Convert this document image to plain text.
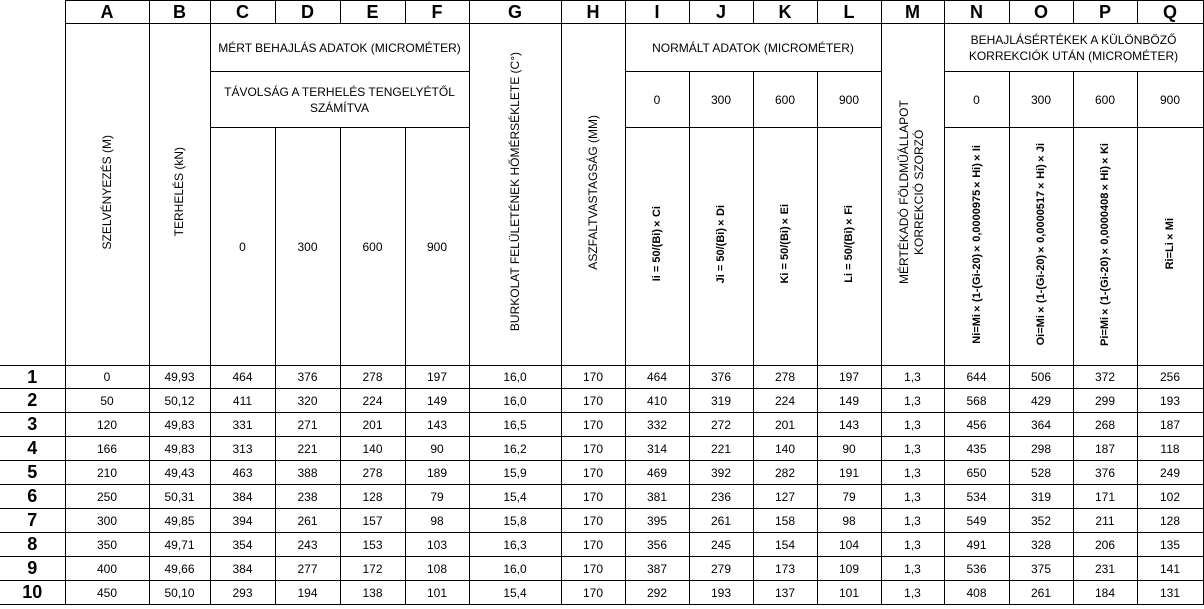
	A	B	C	D	E	F	G	H	I	J	K	L	M	N	O	P	Q
	SZELVÉNYEZÉS (M)	TERHELÉS (kN)	MÉRT BEHAJLÁS ADATOK (MICROMÉTER)				BURKOLAT FELÜLETÉNEK HŐMÉRSÉKLETE (C°)	ASZFALTVASTAGSÁG (MM)	NORMÁLT ADATOK (MICROMÉTER)				MÉRTÉKADÓ FÖLDMŰÁLLAPOT KORREKCIÓ SZORZÓ	BEHAJLÁSÉRTÉKEK A KÜLÖNBÖZŐ KORREKCIÓK UTÁN (MICROMÉTER)			
			TÁVOLSÁG A TERHELÉS TENGELYÉTŐL SZÁMÍTVA						0	300	600	900		0	300	600	900
			0	300	600	900											
									Ii = 50/(Bi)×Ci	Ji = 50/(Bi)×Di	Ki = 50/(Bi)×Ei	Li = 50/(Bi)×Fi		Ni=Mi×(1-(Gi-20)×0,0000975×Hi)×Ii	Oi=Mi×(1-(Gi-20)×0,0000517×Hi)×Ji	Pi=Mi×(1-(Gi-20)×0,0000408×Hi)×Ki	Ri=Li×Mi
1	0	49,93	464	376	278	197	16,0	170	464	376	278	197	1,3	644	506	372	256
2	50	50,12	411	320	224	149	16,0	170	410	319	224	149	1,3	568	429	299	193
3	120	49,83	331	271	201	143	16,5	170	332	272	201	143	1,3	456	364	268	187
4	166	49,83	313	221	140	90	16,2	170	314	221	140	90	1,3	435	298	187	118
5	210	49,43	463	388	278	189	15,9	170	469	392	282	191	1,3	650	528	376	249
6	250	50,31	384	238	128	79	15,4	170	381	236	127	79	1,3	534	319	171	102
7	300	49,85	394	261	157	98	15,8	170	395	261	158	98	1,3	549	352	211	128
8	350	49,71	354	243	153	103	16,3	170	356	245	154	104	1,3	491	328	206	135
9	400	49,66	384	277	172	108	16,0	170	387	279	173	109	1,3	536	375	231	141
10	450	50,10	293	194	138	101	15,4	170	292	193	137	101	1,3	408	261	184	131
